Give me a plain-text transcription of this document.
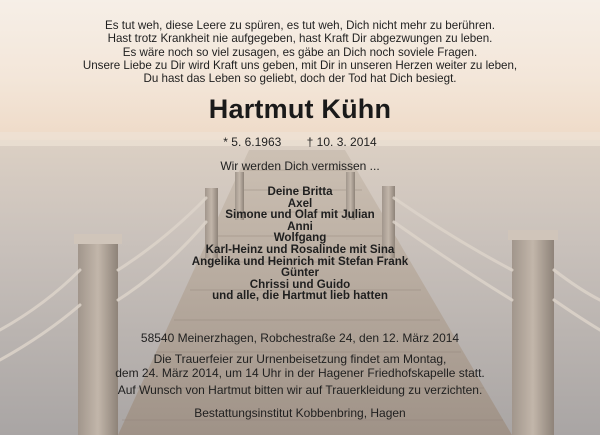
Es tut weh, diese Leere zu spüren, es tut weh, Dich nicht mehr zu berühren.
Hast trotz Krankheit nie aufgegeben, hast Kraft Dir abgezwungen zu leben.
Es wäre noch so viel zusagen, es gäbe an Dich noch soviele Fragen.
Unsere Liebe zu Dir wird Kraft uns geben, mit Dir in unseren Herzen weiter zu leben,
Du hast das Leben so geliebt, doch der Tod hat Dich besiegt.
Hartmut Kühn
* 5. 6.1963 † 10. 3. 2014
Wir werden Dich vermissen ...
Deine Britta
Axel
Simone und Olaf mit Julian
Anni
Wolfgang
Karl-Heinz und Rosalinde mit Sina
Angelika und Heinrich mit Stefan Frank
Günter
Chrissi und Guido
und alle, die Hartmut lieb hatten
58540 Meinerzhagen, Robchestraße 24, den 12. März 2014
Die Trauerfeier zur Urnenbeisetzung findet am Montag,
dem 24. März 2014, um 14 Uhr in der Hagener Friedhofskapelle statt.
Auf Wunsch von Hartmut bitten wir auf Trauerkleidung zu verzichten.
Bestattungsinstitut Kobbenbring, Hagen
